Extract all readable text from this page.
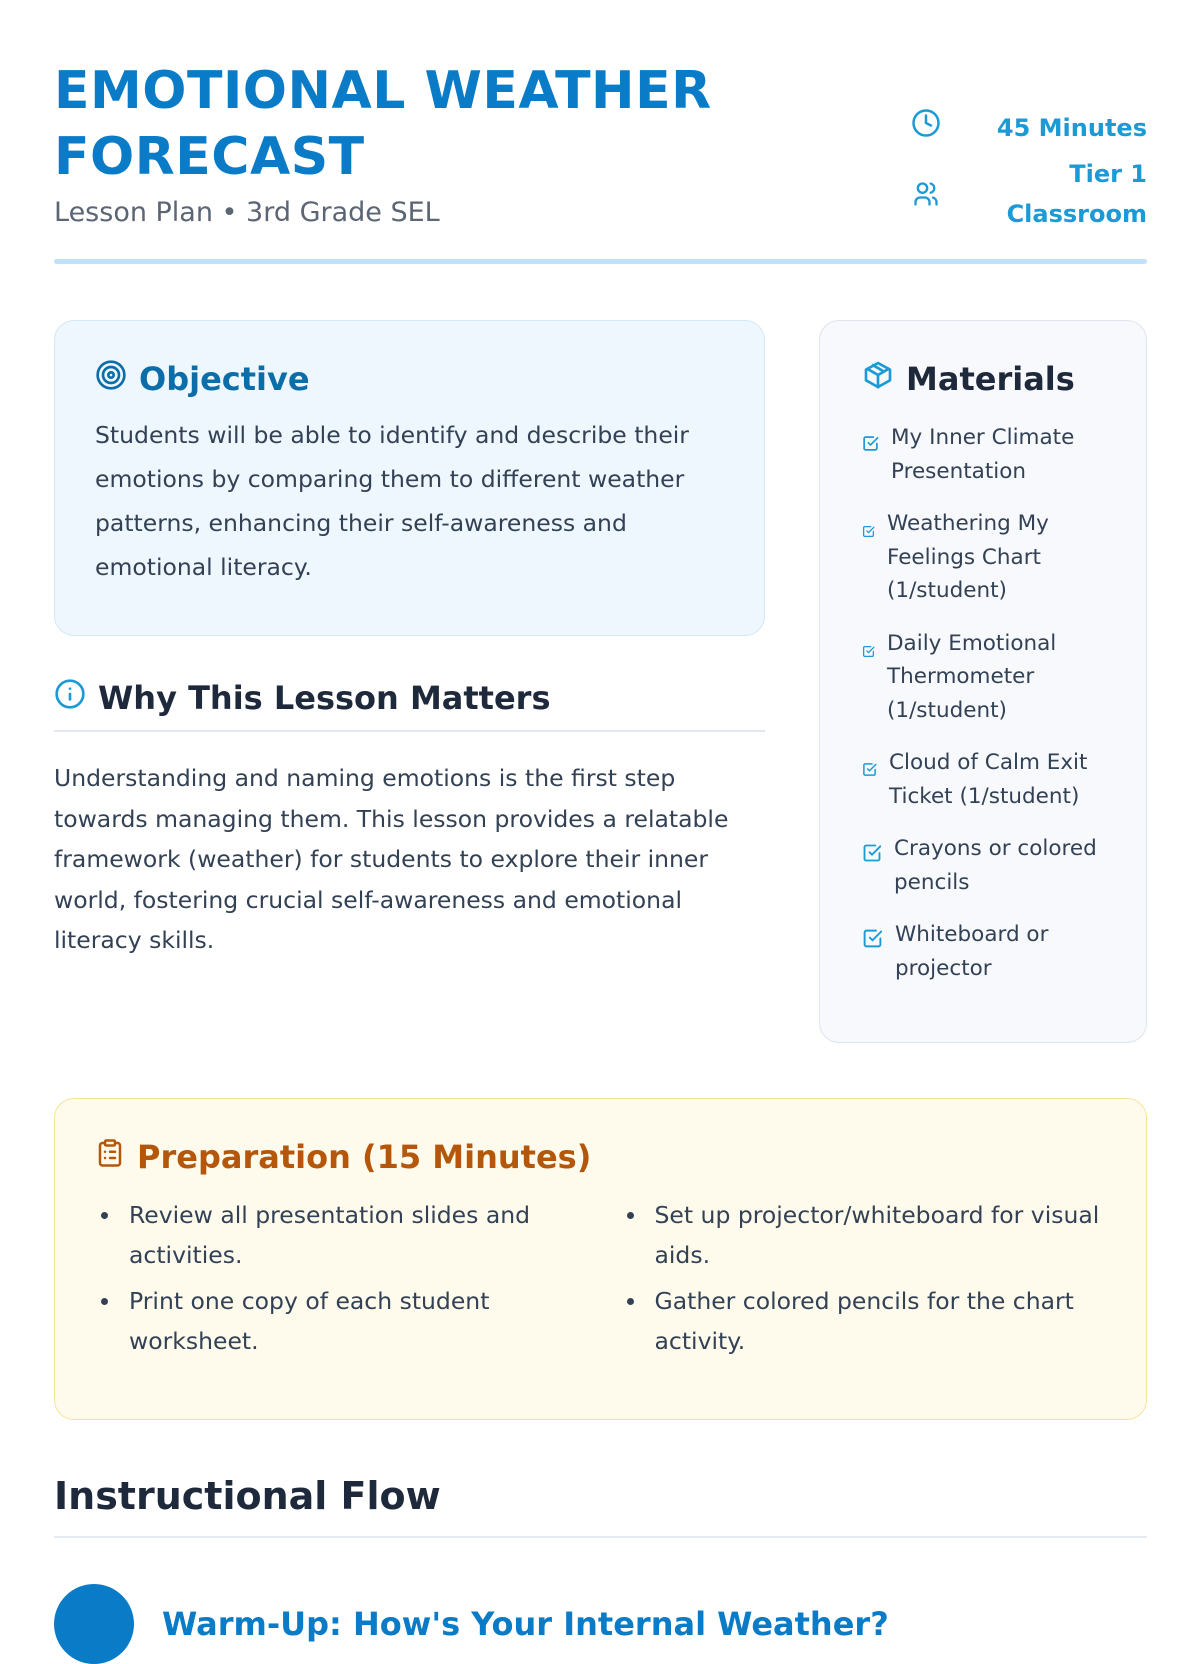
EMOTIONAL WEATHER FORECAST
Lesson Plan • 3rd Grade SEL
45 Minutes
Tier 1 Classroom
Objective

Students will be able to identify and describe their emotions by comparing them to different weather patterns, enhancing their self-awareness and emotional literacy.

Why This Lesson Matters

Understanding and naming emotions is the first step towards managing them. This lesson provides a relatable framework (weather) for students to explore their inner world, fostering crucial self-awareness and emotional literacy skills.

Materials
My Inner Climate Presentation
Weathering My Feelings Chart (1/student)
Daily Emotional Thermometer (1/student)
Cloud of Calm Exit Ticket (1/student)
Crayons or colored pencils
Whiteboard or projector
Preparation (15 Minutes)
Review all presentation slides and activities.
Print one copy of each student worksheet.
Set up projector/whiteboard for visual aids.
Gather colored pencils for the chart activity.
Instructional Flow
Warm-Up: How's Your Internal Weather?
